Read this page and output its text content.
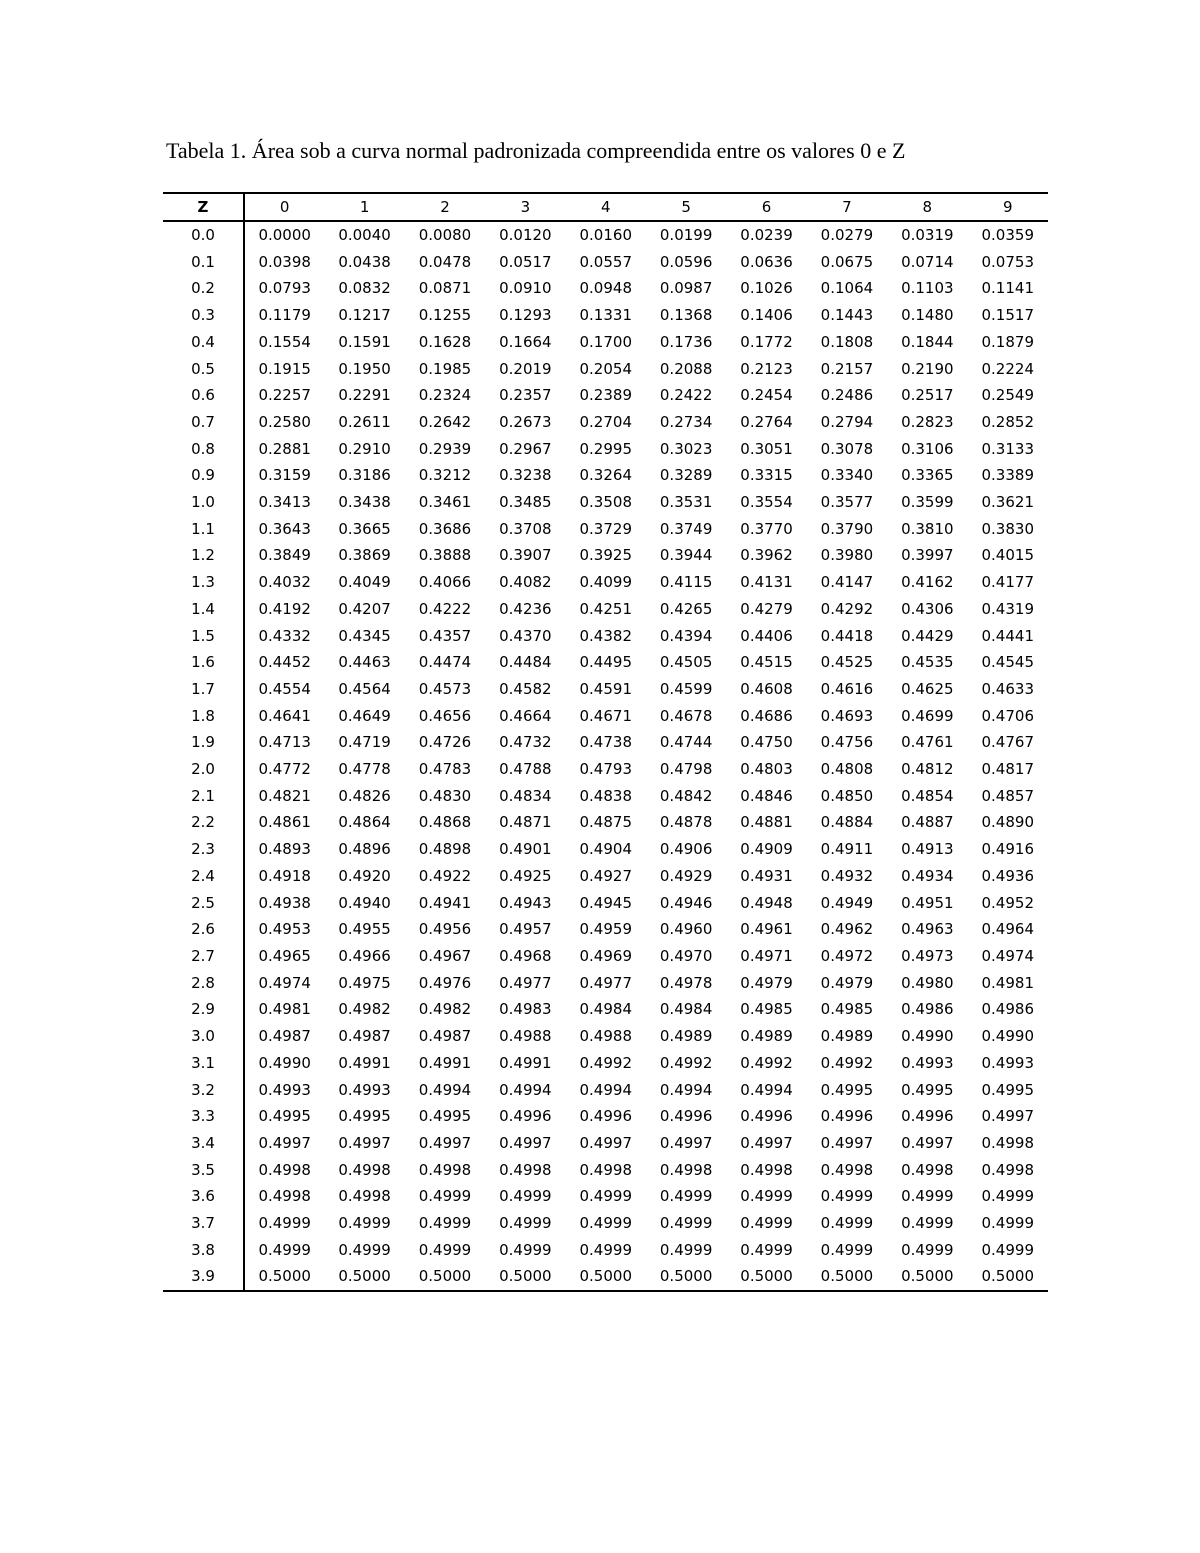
Tabela 1. Área sob a curva normal padronizada compreendida entre os valores 0 e Z
Z	0	1	2	3	4	5	6	7	8	9
0.0	0.0000	0.0040	0.0080	0.0120	0.0160	0.0199	0.0239	0.0279	0.0319	0.0359
0.1	0.0398	0.0438	0.0478	0.0517	0.0557	0.0596	0.0636	0.0675	0.0714	0.0753
0.2	0.0793	0.0832	0.0871	0.0910	0.0948	0.0987	0.1026	0.1064	0.1103	0.1141
0.3	0.1179	0.1217	0.1255	0.1293	0.1331	0.1368	0.1406	0.1443	0.1480	0.1517
0.4	0.1554	0.1591	0.1628	0.1664	0.1700	0.1736	0.1772	0.1808	0.1844	0.1879
0.5	0.1915	0.1950	0.1985	0.2019	0.2054	0.2088	0.2123	0.2157	0.2190	0.2224
0.6	0.2257	0.2291	0.2324	0.2357	0.2389	0.2422	0.2454	0.2486	0.2517	0.2549
0.7	0.2580	0.2611	0.2642	0.2673	0.2704	0.2734	0.2764	0.2794	0.2823	0.2852
0.8	0.2881	0.2910	0.2939	0.2967	0.2995	0.3023	0.3051	0.3078	0.3106	0.3133
0.9	0.3159	0.3186	0.3212	0.3238	0.3264	0.3289	0.3315	0.3340	0.3365	0.3389
1.0	0.3413	0.3438	0.3461	0.3485	0.3508	0.3531	0.3554	0.3577	0.3599	0.3621
1.1	0.3643	0.3665	0.3686	0.3708	0.3729	0.3749	0.3770	0.3790	0.3810	0.3830
1.2	0.3849	0.3869	0.3888	0.3907	0.3925	0.3944	0.3962	0.3980	0.3997	0.4015
1.3	0.4032	0.4049	0.4066	0.4082	0.4099	0.4115	0.4131	0.4147	0.4162	0.4177
1.4	0.4192	0.4207	0.4222	0.4236	0.4251	0.4265	0.4279	0.4292	0.4306	0.4319
1.5	0.4332	0.4345	0.4357	0.4370	0.4382	0.4394	0.4406	0.4418	0.4429	0.4441
1.6	0.4452	0.4463	0.4474	0.4484	0.4495	0.4505	0.4515	0.4525	0.4535	0.4545
1.7	0.4554	0.4564	0.4573	0.4582	0.4591	0.4599	0.4608	0.4616	0.4625	0.4633
1.8	0.4641	0.4649	0.4656	0.4664	0.4671	0.4678	0.4686	0.4693	0.4699	0.4706
1.9	0.4713	0.4719	0.4726	0.4732	0.4738	0.4744	0.4750	0.4756	0.4761	0.4767
2.0	0.4772	0.4778	0.4783	0.4788	0.4793	0.4798	0.4803	0.4808	0.4812	0.4817
2.1	0.4821	0.4826	0.4830	0.4834	0.4838	0.4842	0.4846	0.4850	0.4854	0.4857
2.2	0.4861	0.4864	0.4868	0.4871	0.4875	0.4878	0.4881	0.4884	0.4887	0.4890
2.3	0.4893	0.4896	0.4898	0.4901	0.4904	0.4906	0.4909	0.4911	0.4913	0.4916
2.4	0.4918	0.4920	0.4922	0.4925	0.4927	0.4929	0.4931	0.4932	0.4934	0.4936
2.5	0.4938	0.4940	0.4941	0.4943	0.4945	0.4946	0.4948	0.4949	0.4951	0.4952
2.6	0.4953	0.4955	0.4956	0.4957	0.4959	0.4960	0.4961	0.4962	0.4963	0.4964
2.7	0.4965	0.4966	0.4967	0.4968	0.4969	0.4970	0.4971	0.4972	0.4973	0.4974
2.8	0.4974	0.4975	0.4976	0.4977	0.4977	0.4978	0.4979	0.4979	0.4980	0.4981
2.9	0.4981	0.4982	0.4982	0.4983	0.4984	0.4984	0.4985	0.4985	0.4986	0.4986
3.0	0.4987	0.4987	0.4987	0.4988	0.4988	0.4989	0.4989	0.4989	0.4990	0.4990
3.1	0.4990	0.4991	0.4991	0.4991	0.4992	0.4992	0.4992	0.4992	0.4993	0.4993
3.2	0.4993	0.4993	0.4994	0.4994	0.4994	0.4994	0.4994	0.4995	0.4995	0.4995
3.3	0.4995	0.4995	0.4995	0.4996	0.4996	0.4996	0.4996	0.4996	0.4996	0.4997
3.4	0.4997	0.4997	0.4997	0.4997	0.4997	0.4997	0.4997	0.4997	0.4997	0.4998
3.5	0.4998	0.4998	0.4998	0.4998	0.4998	0.4998	0.4998	0.4998	0.4998	0.4998
3.6	0.4998	0.4998	0.4999	0.4999	0.4999	0.4999	0.4999	0.4999	0.4999	0.4999
3.7	0.4999	0.4999	0.4999	0.4999	0.4999	0.4999	0.4999	0.4999	0.4999	0.4999
3.8	0.4999	0.4999	0.4999	0.4999	0.4999	0.4999	0.4999	0.4999	0.4999	0.4999
3.9	0.5000	0.5000	0.5000	0.5000	0.5000	0.5000	0.5000	0.5000	0.5000	0.5000
